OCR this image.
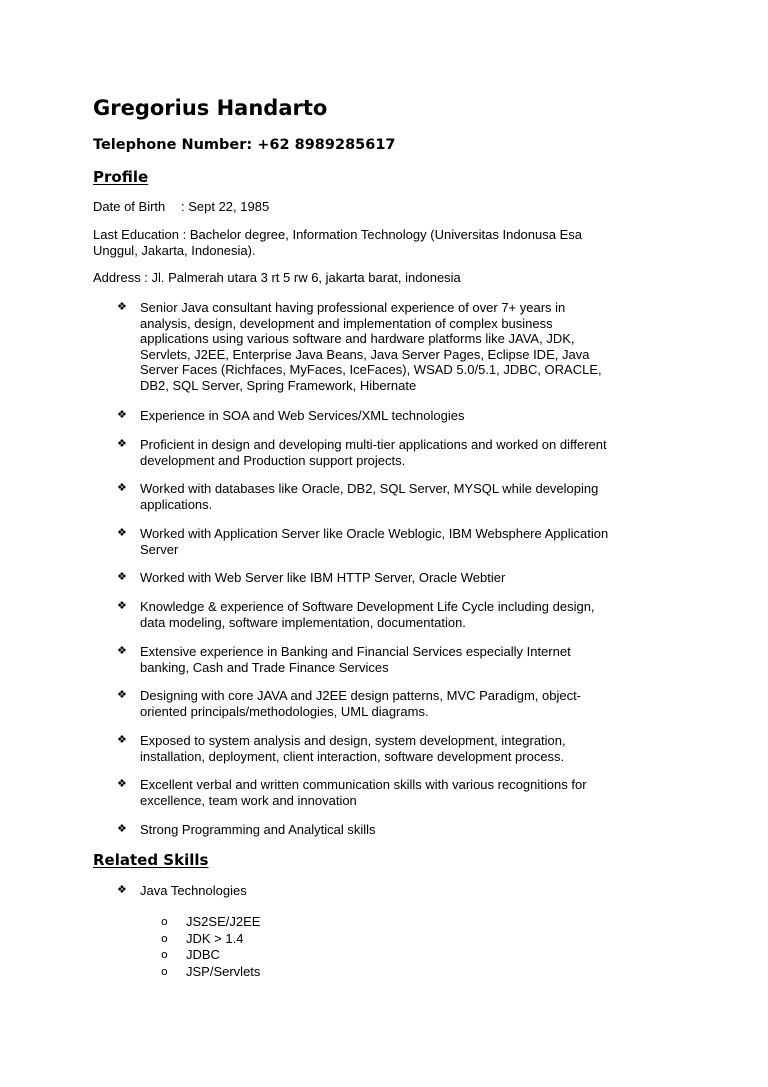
Gregorius Handarto

Telephone Number: +62 8989285617

Profile

Date of Birth : Sept 22, 1985

Last Education : Bachelor degree, Information Technology (Universitas Indonusa Esa
Unggul, Jakarta, Indonesia).

Address : Jl. Palmerah utara 3 rt 5 rw 6, jakarta barat, indonesia

❖ Senior Java consultant having professional experience of over 7+ years in
analysis, design, development and implementation of complex business
applications using various software and hardware platforms like JAVA, JDK,
Servlets, J2EE, Enterprise Java Beans, Java Server Pages, Eclipse IDE, Java
Server Faces (Richfaces, MyFaces, IceFaces), WSAD 5.0/5.1, JDBC, ORACLE,
DB2, SQL Server, Spring Framework, Hibernate
❖ Experience in SOA and Web Services/XML technologies
❖ Proficient in design and developing multi-tier applications and worked on different
development and Production support projects.
❖ Worked with databases like Oracle, DB2, SQL Server, MYSQL while developing
applications.
❖ Worked with Application Server like Oracle Weblogic, IBM Websphere Application
Server
❖ Worked with Web Server like IBM HTTP Server, Oracle Webtier
❖ Knowledge & experience of Software Development Life Cycle including design,
data modeling, software implementation, documentation.
❖ Extensive experience in Banking and Financial Services especially Internet
banking, Cash and Trade Finance Services
❖ Designing with core JAVA and J2EE design patterns, MVC Paradigm, object-
oriented principals/methodologies, UML diagrams.
❖ Exposed to system analysis and design, system development, integration,
installation, deployment, client interaction, software development process.
❖ Excellent verbal and written communication skills with various recognitions for
excellence, team work and innovation
❖ Strong Programming and Analytical skills
Related Skills
❖ Java Technologies
o JS2SE/J2EE
o JDK > 1.4
o JDBC
o JSP/Servlets
